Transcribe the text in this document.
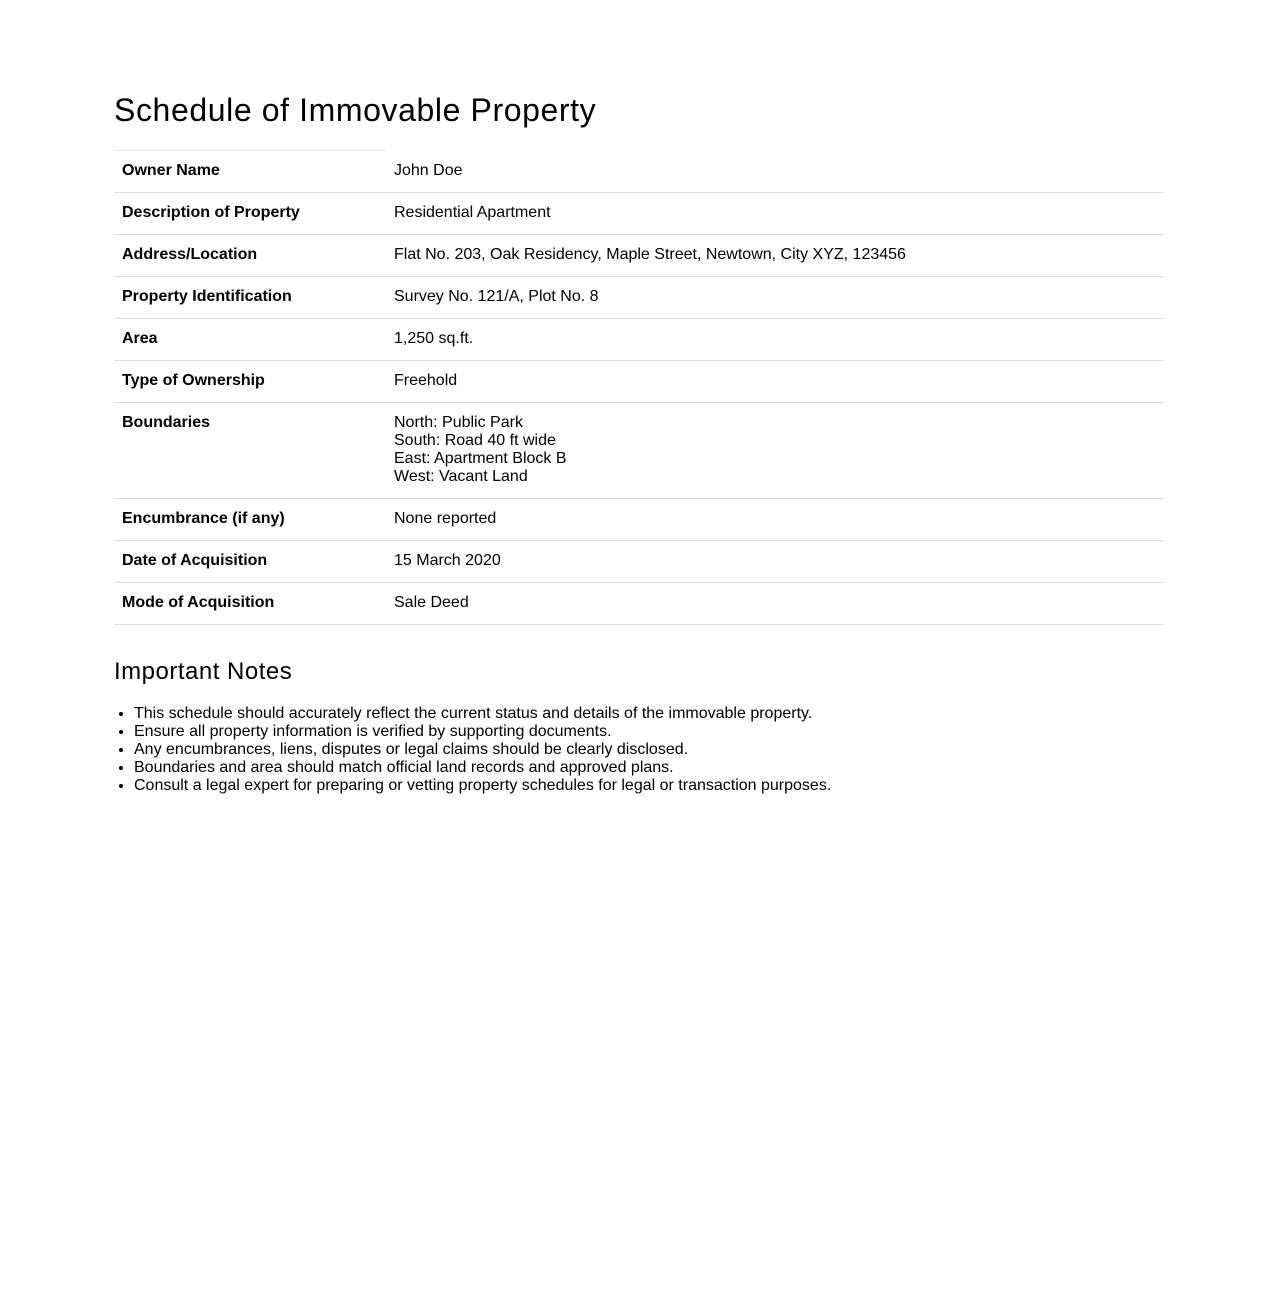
Schedule of Immovable Property
Owner Name	John Doe
Description of Property	Residential Apartment
Address/Location	Flat No. 203, Oak Residency, Maple Street, Newtown, City XYZ, 123456
Property Identification	Survey No. 121/A, Plot No. 8
Area	1,250 sq.ft.
Type of Ownership	Freehold
Boundaries	North: Public Park
South: Road 40 ft wide
East: Apartment Block B
West: Vacant Land

Encumbrance (if any)	None reported
Date of Acquisition	15 March 2020
Mode of Acquisition	Sale Deed
Important Notes
• This schedule should accurately reflect the current status and details of the immovable property.
• Ensure all property information is verified by supporting documents.
• Any encumbrances, liens, disputes or legal claims should be clearly disclosed.
• Boundaries and area should match official land records and approved plans.
• Consult a legal expert for preparing or vetting property schedules for legal or transaction purposes.
